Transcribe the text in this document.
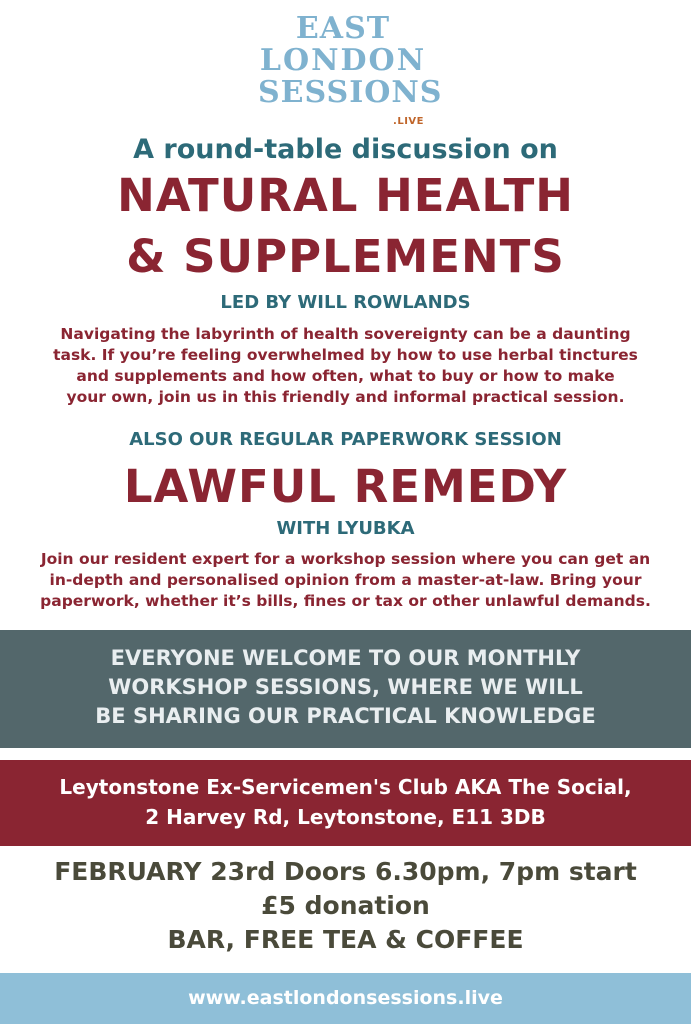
EAST
LONDON
SESSIONS
.LIVE
A round-table discussion on
NATURAL HEALTH
& SUPPLEMENTS
LED BY WILL ROWLANDS
Navigating the labyrinth of health sovereignty can be a daunting
task. If you’re feeling overwhelmed by how to use herbal tinctures
and supplements and how often, what to buy or how to make
your own, join us in this friendly and informal practical session.
ALSO OUR REGULAR PAPERWORK SESSION
LAWFUL REMEDY
WITH LYUBKA
Join our resident expert for a workshop session where you can get an
in-depth and personalised opinion from a master-at-law. Bring your
paperwork, whether it’s bills, fines or tax or other unlawful demands.
EVERYONE WELCOME TO OUR MONTHLY
WORKSHOP SESSIONS, WHERE WE WILL
BE SHARING OUR PRACTICAL KNOWLEDGE
Leytonstone Ex-Servicemen's Club AKA The Social,
2 Harvey Rd, Leytonstone, E11 3DB
FEBRUARY 23rd Doors 6.30pm, 7pm start
£5 donation
BAR, FREE TEA & COFFEE
www.eastlondonsessions.live
